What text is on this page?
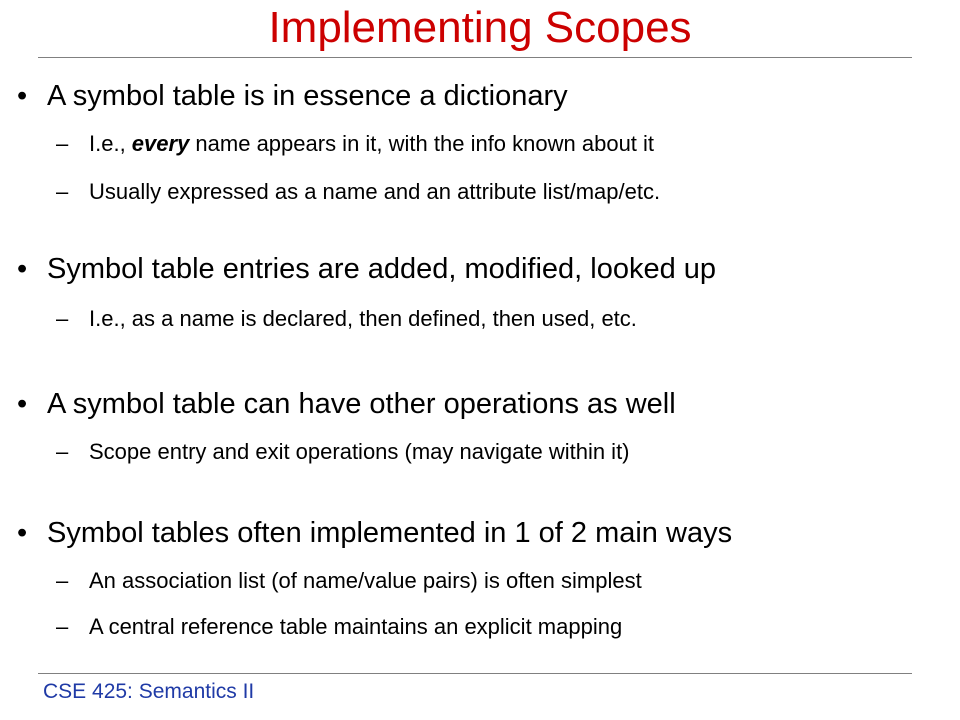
Implementing Scopes
• A symbol table is in essence a dictionary
– I.e., every name appears in it, with the info known about it
– Usually expressed as a name and an attribute list/map/etc.
• Symbol table entries are added, modified, looked up
– I.e., as a name is declared, then defined, then used, etc.
• A symbol table can have other operations as well
– Scope entry and exit operations (may navigate within it)
• Symbol tables often implemented in 1 of 2 main ways
– An association list (of name/value pairs) is often simplest
– A central reference table maintains an explicit mapping
CSE 425: Semantics II
